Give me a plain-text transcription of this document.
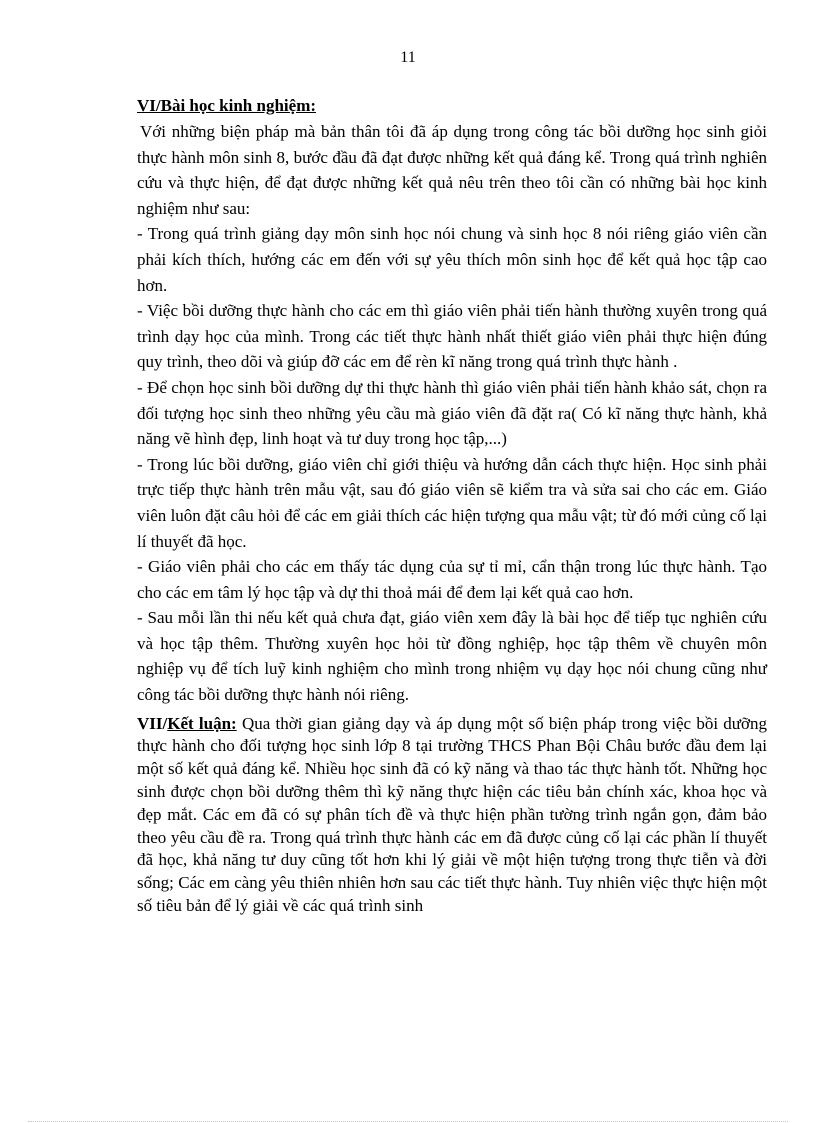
11
VI/Bài học kinh nghiệm:

Với những biện pháp mà bản thân tôi đã áp dụng trong công tác bồi dưỡng học sinh giỏi thực hành môn sinh 8, bước đầu đã đạt được những kết quả đáng kể. Trong quá trình nghiên cứu và thực hiện, để đạt được những kết quả nêu trên theo tôi cần có những bài học kinh nghiệm như sau:

- Trong quá trình giảng dạy môn sinh học nói chung và sinh học 8 nói riêng giáo viên cần phải kích thích, hướng các em đến với sự yêu thích môn sinh học để kết quả học tập cao hơn.

- Việc bồi dưỡng thực hành cho các em thì giáo viên phải tiến hành thường xuyên trong quá trình dạy học của mình. Trong các tiết thực hành nhất thiết giáo viên phải thực hiện đúng quy trình, theo dõi và giúp đỡ các em để rèn kĩ năng trong quá trình thực hành .

- Để chọn học sinh bồi dưỡng dự thi thực hành thì giáo viên phải tiến hành khảo sát, chọn ra đối tượng học sinh theo những yêu cầu mà giáo viên đã đặt ra( Có kĩ năng thực hành, khả năng vẽ hình đẹp, linh hoạt và tư duy trong học tập,...)

- Trong lúc bồi dưỡng, giáo viên chỉ giới thiệu và hướng dẫn cách thực hiện. Học sinh phải trực tiếp thực hành trên mẫu vật, sau đó giáo viên sẽ kiểm tra và sửa sai cho các em. Giáo viên luôn đặt câu hỏi để các em giải thích các hiện tượng qua mẫu vật; từ đó mới củng cố lại lí thuyết đã học.

- Giáo viên phải cho các em thấy tác dụng của sự tỉ mỉ, cẩn thận trong lúc thực hành. Tạo cho các em tâm lý học tập và dự thi thoả mái để đem lại kết quả cao hơn.

- Sau mỗi lần thi nếu kết quả chưa đạt, giáo viên xem đây là bài học để tiếp tục nghiên cứu và học tập thêm. Thường xuyên học hỏi từ đồng nghiệp, học tập thêm về chuyên môn nghiệp vụ để tích luỹ kinh nghiệm cho mình trong nhiệm vụ dạy học nói chung cũng như công tác bồi dưỡng thực hành nói riêng.

VII/Kết luận: Qua thời gian giảng dạy và áp dụng một số biện pháp trong việc bồi dưỡng thực hành cho đối tượng học sinh lớp 8 tại trường THCS Phan Bội Châu bước đầu đem lại một số kết quả đáng kể. Nhiều học sinh đã có kỹ năng và thao tác thực hành tốt. Những học sinh được chọn bồi dưỡng thêm thì kỹ năng thực hiện các tiêu bản chính xác, khoa học và đẹp mắt. Các em đã có sự phân tích đề và thực hiện phần tường trình ngắn gọn, đảm bảo theo yêu cầu đề ra. Trong quá trình thực hành các em đã được củng cố lại các phần lí thuyết đã học, khả năng tư duy cũng tốt hơn khi lý giải về một hiện tượng trong thực tiễn và đời sống; Các em càng yêu thiên nhiên hơn sau các tiết thực hành. Tuy nhiên việc thực hiện một số tiêu bản để lý giải về các quá trình sinh
